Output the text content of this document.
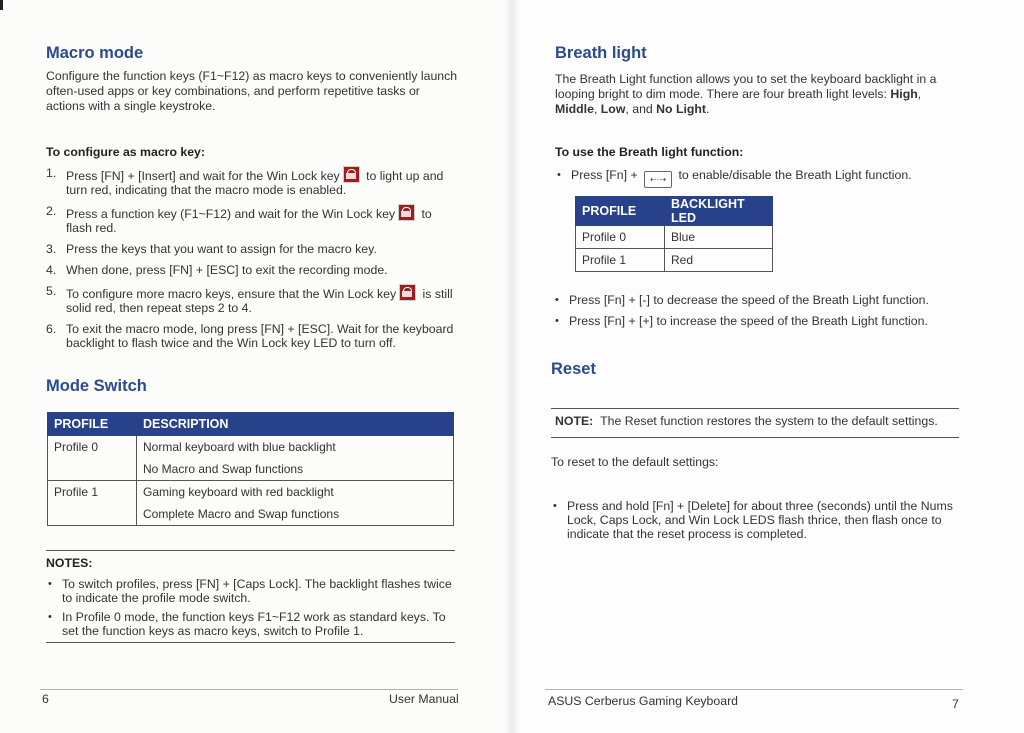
Macro mode

Configure the function keys (F1~F12) as macro keys to conveniently launch often-used apps or key combinations, and perform repetitive tasks or actions with a single keystroke.

To configure as macro key:

1. Press [FN] + [Insert] and wait for the Win Lock key to light up and turn red, indicating that the macro mode is enabled.
2. Press a function key (F1~F12) and wait for the Win Lock key to flash red.
3. Press the keys that you want to assign for the macro key.
4. When done, press [FN] + [ESC] to exit the recording mode.
5. To configure more macro keys, ensure that the Win Lock key is still solid red, then repeat steps 2 to 4.
6. To exit the macro mode, long press [FN] + [ESC]. Wait for the keyboard backlight to flash twice and the Win Lock key LED to turn off.
Mode Switch
PROFILE	DESCRIPTION
Profile 0	Normal keyboard with blue backlight
	No Macro and Swap functions
Profile 1	Gaming keyboard with red backlight
	Complete Macro and Swap functions

NOTES:

• To switch profiles, press [FN] + [Caps Lock]. The backlight flashes twice to indicate the profile mode switch.

• In Profile 0 mode, the function keys F1~F12 work as standard keys. To set the function keys as macro keys, switch to Profile 1.

6	User Manual
Breath light

The Breath Light function allows you to set the keyboard backlight in a looping bright to dim mode. There are four breath light levels: High, Middle, Low, and No Light.

To use the Breath light function:

• Press [Fn] + ⇠·⇢ to enable/disable the Breath Light function.

PROFILE	BACKLIGHT LED
Profile 0	Blue
Profile 1	Red

• Press [Fn] + [-] to decrease the speed of the Breath Light function.

• Press [Fn] + [+] to increase the speed of the Breath Light function.

Reset

NOTE: The Reset function restores the system to the default settings.

To reset to the default settings:

• Press and hold [Fn] + [Delete] for about three (seconds) until the Nums Lock, Caps Lock, and Win Lock LEDS flash thrice, then flash once to indicate that the reset process is completed.

ASUS Cerberus Gaming Keyboard	7
